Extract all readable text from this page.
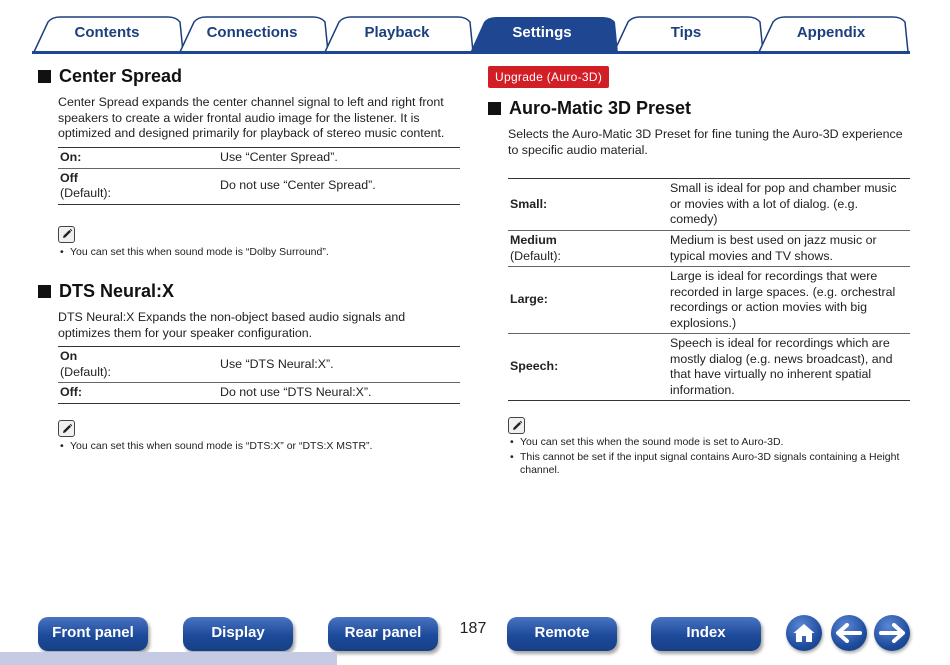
Contents	Connections	Playback	Settings	Tips	Appendix
Center Spread

Center Spread expands the center channel signal to left and right front speakers to create a wider frontal audio image for the listener. It is optimized and designed primarily for playback of stereo music content.

On:	Use “Center Spread”.
Off
(Default):	Do not use “Center Spread”.
• You can set this when sound mode is “Dolby Surround”.
DTS Neural:X

DTS Neural:X Expands the non-object based audio signals and optimizes them for your speaker configuration.

On
(Default):	Use “DTS Neural:X”.
Off:	Do not use “DTS Neural:X”.
• You can set this when sound mode is “DTS:X” or “DTS:X MSTR”.
Upgrade (Auro-3D)
Auro-Matic 3D Preset

Selects the Auro-Matic 3D Preset for fine tuning the Auro-3D experience to specific audio material.

Small:	Small is ideal for pop and chamber music or movies with a lot of dialog. (e.g. comedy)
Medium
(Default):	Medium is best used on jazz music or typical movies and TV shows.
Large:	Large is ideal for recordings that were recorded in large spaces. (e.g. orchestral recordings or action movies with big explosions.)
Speech:	Speech is ideal for recordings which are mostly dialog (e.g. news broadcast), and that have virtually no inherent spatial information.
• You can set this when the sound mode is set to Auro-3D.
• This cannot be set if the input signal contains Auro-3D signals containing a Height channel.
Front panel	Display	Rear panel	187	Remote	Index
